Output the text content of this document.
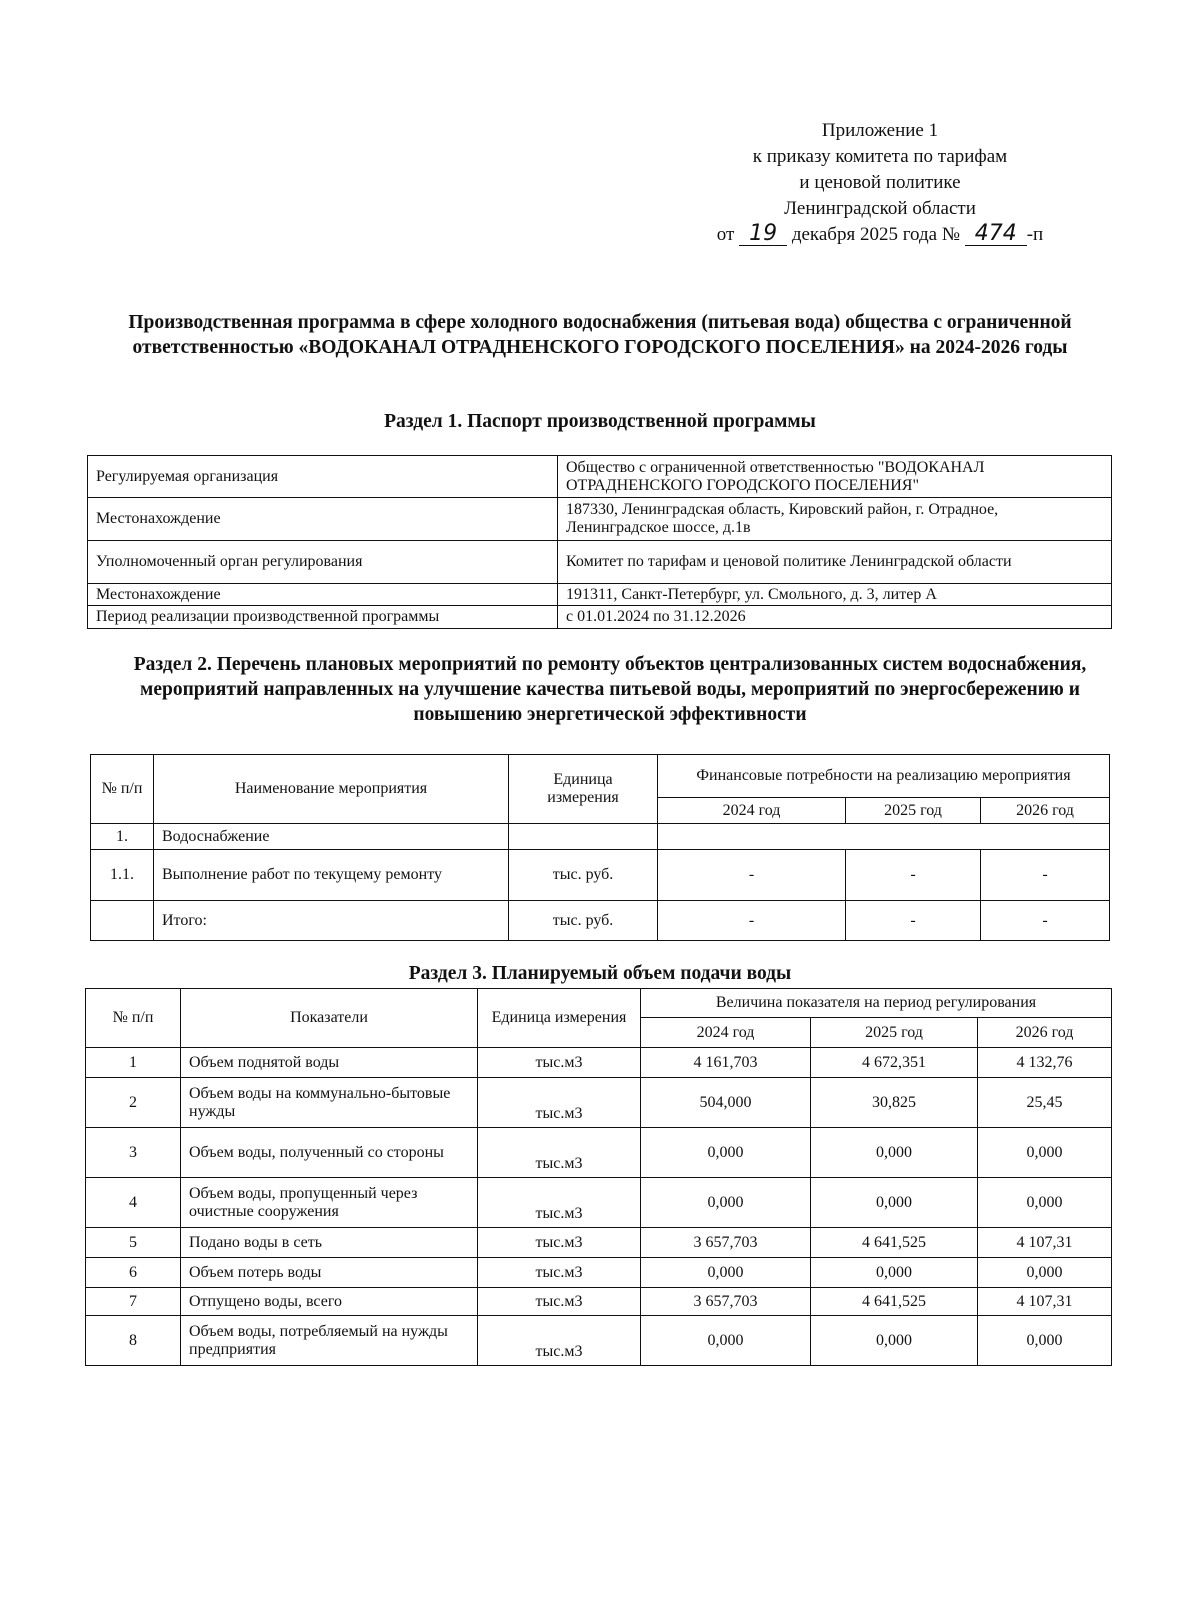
Приложение 1
к приказу комитета по тарифам
и ценовой политике
Ленинградской области
от 19 декабря 2025 года № 474 -п
Производственная программа в сфере холодного водоснабжения (питьевая вода) общества с ограниченной ответственностью «ВОДОКАНАЛ ОТРАДНЕНСКОГО ГОРОДСКОГО ПОСЕЛЕНИЯ» на 2024-2026 годы
Раздел 1. Паспорт производственной программы
Регулируемая организация	Общество с ограниченной ответственностью "ВОДОКАНАЛ ОТРАДНЕНСКОГО ГОРОДСКОГО ПОСЕЛЕНИЯ"
Местонахождение	187330, Ленинградская область, Кировский район, г. Отрадное, Ленинградское шоссе, д.1в
Уполномоченный орган регулирования	Комитет по тарифам и ценовой политике Ленинградской области
Местонахождение	191311, Санкт-Петербург, ул. Смольного, д. 3, литер А
Период реализации производственной программы	с 01.01.2024 по 31.12.2026
Раздел 2. Перечень плановых мероприятий по ремонту объектов централизованных систем водоснабжения, мероприятий направленных на улучшение качества питьевой воды, мероприятий по энергосбережению и повышению энергетической эффективности
№ п/п	Наименование мероприятия	Единица измерения	Финансовые потребности на реализацию мероприятия		
			2024 год	2025 год	2026 год
1.	Водоснабжение				
1.1.	Выполнение работ по текущему ремонту	тыс. руб.	-	-	-
	Итого:	тыс. руб.	-	-	-
Раздел 3. Планируемый объем подачи воды
№ п/п	Показатели	Единица измерения	Величина показателя на период регулирования		
			2024 год	2025 год	2026 год
1	Объем поднятой воды	тыс.м3	4 161,703	4 672,351	4 132,76
2	Объем воды на коммунально-бытовые нужды	тыс.м3	504,000	30,825	25,45
3	Объем воды, полученный со стороны	тыс.м3	0,000	0,000	0,000
4	Объем воды, пропущенный через очистные сооружения	тыс.м3	0,000	0,000	0,000
5	Подано воды в сеть	тыс.м3	3 657,703	4 641,525	4 107,31
6	Объем потерь воды	тыс.м3	0,000	0,000	0,000
7	Отпущено воды, всего	тыс.м3	3 657,703	4 641,525	4 107,31
8	Объем воды, потребляемый на нужды предприятия	тыс.м3	0,000	0,000	0,000
